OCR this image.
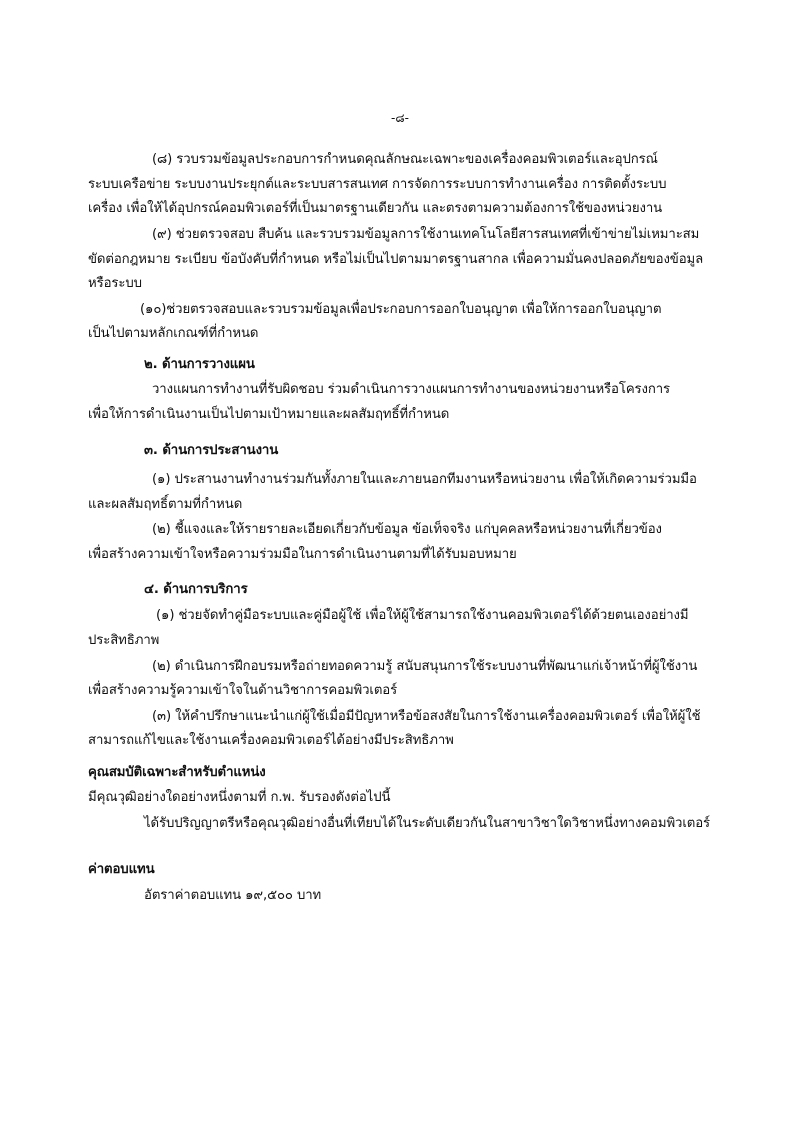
-๘-
(๘) รวบรวมข้อมูลประกอบการกำหนดคุณลักษณะเฉพาะของเครื่องคอมพิวเตอร์และอุปกรณ์
ระบบเครือข่าย ระบบงานประยุกต์และระบบสารสนเทศ การจัดการระบบการทำงานเครื่อง การติดตั้งระบบ
เครื่อง เพื่อให้ได้อุปกรณ์คอมพิวเตอร์ที่เป็นมาตรฐานเดียวกัน และตรงตามความต้องการใช้ของหน่วยงาน
(๙) ช่วยตรวจสอบ สืบค้น และรวบรวมข้อมูลการใช้งานเทคโนโลยีสารสนเทศที่เข้าข่ายไม่เหมาะสม
ขัดต่อกฎหมาย ระเบียบ ข้อบังคับที่กำหนด หรือไม่เป็นไปตามมาตรฐานสากล เพื่อความมั่นคงปลอดภัยของข้อมูล
หรือระบบ
(๑๐)ช่วยตรวจสอบและรวบรวมข้อมูลเพื่อประกอบการออกใบอนุญาต เพื่อให้การออกใบอนุญาต
เป็นไปตามหลักเกณฑ์ที่กำหนด
๒. ด้านการวางแผน
วางแผนการทำงานที่รับผิดชอบ ร่วมดำเนินการวางแผนการทำงานของหน่วยงานหรือโครงการ
เพื่อให้การดำเนินงานเป็นไปตามเป้าหมายและผลสัมฤทธิ์ที่กำหนด
๓. ด้านการประสานงาน
(๑) ประสานงานทำงานร่วมกันทั้งภายในและภายนอกทีมงานหรือหน่วยงาน เพื่อให้เกิดความร่วมมือ
และผลสัมฤทธิ์ตามที่กำหนด
(๒) ชี้แจงและให้รายรายละเอียดเกี่ยวกับข้อมูล ข้อเท็จจริง แก่บุคคลหรือหน่วยงานที่เกี่ยวข้อง
เพื่อสร้างความเข้าใจหรือความร่วมมือในการดำเนินงานตามที่ได้รับมอบหมาย
๔. ด้านการบริการ
(๑) ช่วยจัดทำคู่มือระบบและคู่มือผู้ใช้ เพื่อให้ผู้ใช้สามารถใช้งานคอมพิวเตอร์ได้ด้วยตนเองอย่างมี
ประสิทธิภาพ
(๒) ดำเนินการฝึกอบรมหรือถ่ายทอดความรู้ สนับสนุนการใช้ระบบงานที่พัฒนาแก่เจ้าหน้าที่ผู้ใช้งาน
เพื่อสร้างความรู้ความเข้าใจในด้านวิชาการคอมพิวเตอร์
(๓) ให้คำปรึกษาแนะนำแก่ผู้ใช้เมื่อมีปัญหาหรือข้อสงสัยในการใช้งานเครื่องคอมพิวเตอร์ เพื่อให้ผู้ใช้
สามารถแก้ไขและใช้งานเครื่องคอมพิวเตอร์ได้อย่างมีประสิทธิภาพ
คุณสมบัติเฉพาะสำหรับตำแหน่ง
มีคุณวุฒิอย่างใดอย่างหนึ่งตามที่ ก.พ. รับรองดังต่อไปนี้
ได้รับปริญญาตรีหรือคุณวุฒิอย่างอื่นที่เทียบได้ในระดับเดียวกันในสาขาวิชาใดวิชาหนึ่งทางคอมพิวเตอร์
ค่าตอบแทน
อัตราค่าตอบแทน ๑๙,๕๐๐ บาท
